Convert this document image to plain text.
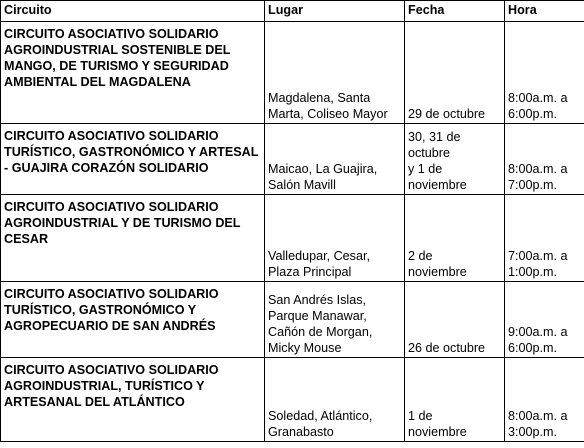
Circuito	Lugar	Fecha	Hora

CIRCUITO ASOCIATIVO SOLIDARIO AGROINDUSTRIAL SOSTENIBLE DEL MANGO, DE TURISMO Y SEGURIDAD AMBIENTAL DEL MAGDALENA	Magdalena, Santa
Marta, Coliseo Mayor	29 de octubre	8:00a.m. a
6:00p.m.

CIRCUITO ASOCIATIVO SOLIDARIO TURÍSTICO, GASTRONÓMICO Y ARTESAL - GUAJIRA CORAZÓN SOLIDARIO	Maicao, La Guajira,
Salón Mavill	30, 31 de
octubre
y 1 de
noviembre	8:00a.m. a
7:00p.m.

CIRCUITO ASOCIATIVO SOLIDARIO AGROINDUSTRIAL Y DE TURISMO DEL CESAR	Valledupar, Cesar,
Plaza Principal	2 de
noviembre	7:00a.m. a
1:00p.m.

CIRCUITO ASOCIATIVO SOLIDARIO TURÍSTICO, GASTRONÓMICO Y AGROPECUARIO DE SAN ANDRÉS	San Andrés Islas,
Parque Manawar,
Cañón de Morgan,
Micky Mouse	26 de octubre	9:00a.m. a
6:00p.m.

CIRCUITO ASOCIATIVO SOLIDARIO AGROINDUSTRIAL, TURÍSTICO Y ARTESANAL DEL ATLÁNTICO	Soledad, Atlántico,
Granabasto	1 de
noviembre	8:00a.m. a
3:00p.m.
